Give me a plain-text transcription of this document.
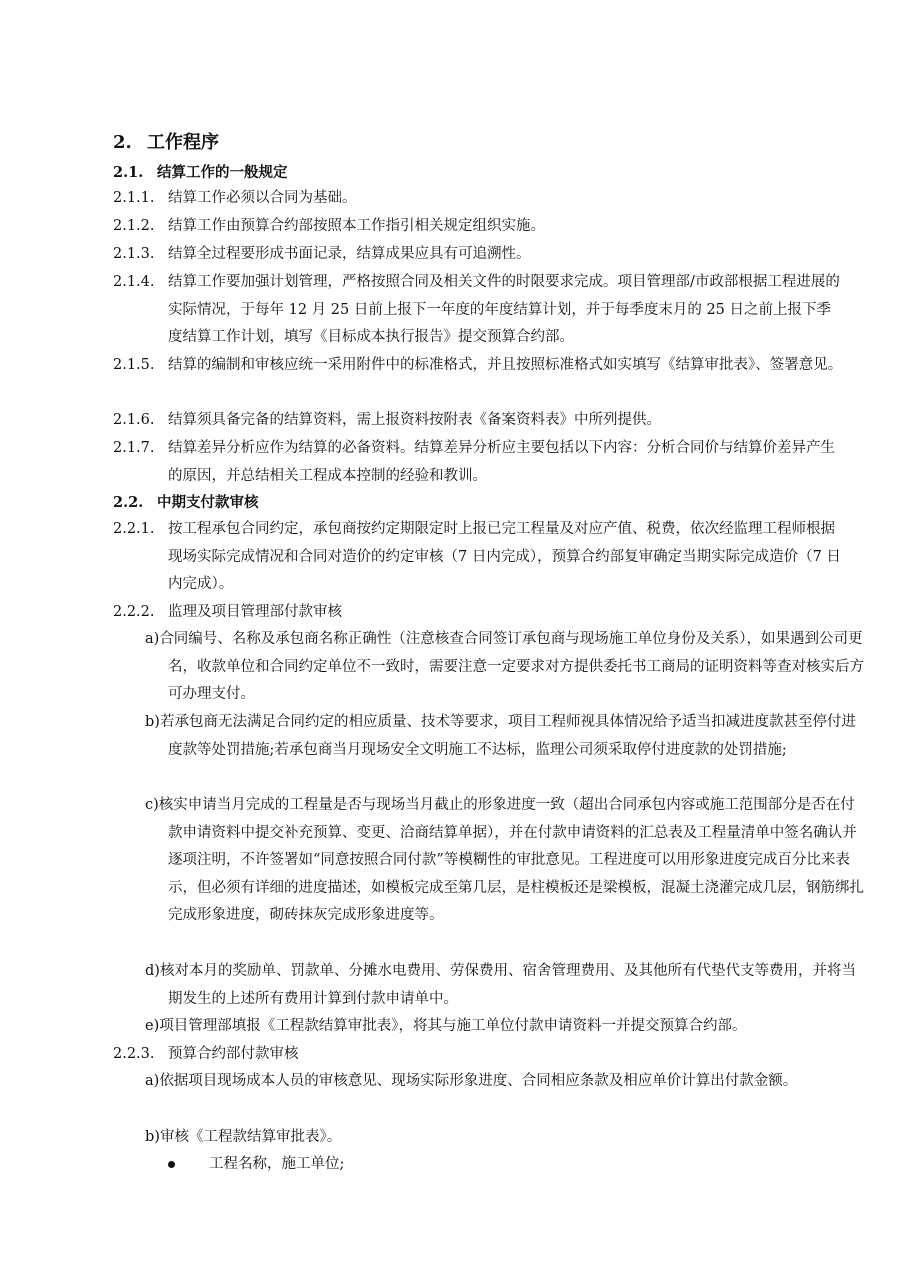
2. 工作程序
2.1. 结算工作的一般规定
2.1.1. 结算工作必须以合同为基础。
2.1.2. 结算工作由预算合约部按照本工作指引相关规定组织实施。
2.1.3. 结算全过程要形成书面记录，结算成果应具有可追溯性。
2.1.4. 结算工作要加强计划管理，严格按照合同及相关文件的时限要求完成。项目管理部/市政部根据工程进展的实际情况，于每年 12 月 25 日前上报下一年度的年度结算计划，并于每季度末月的 25 日之前上报下季度结算工作计划，填写《目标成本执行报告》提交预算合约部。
2.1.5. 结算的编制和审核应统一采用附件中的标准格式，并且按照标准格式如实填写《结算审批表》、签署意见。
2.1.6. 结算须具备完备的结算资料，需上报资料按附表《备案资料表》中所列提供。
2.1.7. 结算差异分析应作为结算的必备资料。结算差异分析应主要包括以下内容：分析合同价与结算价差异产生的原因，并总结相关工程成本控制的经验和教训。
2.2. 中期支付款审核
2.2.1. 按工程承包合同约定，承包商按约定期限定时上报已完工程量及对应产值、税费，依次经监理工程师根据现场实际完成情况和合同对造价的约定审核（7 日内完成），预算合约部复审确定当期实际完成造价（7 日内完成）。
2.2.2. 监理及项目管理部付款审核
a)合同编号、名称及承包商名称正确性（注意核查合同签订承包商与现场施工单位身份及关系），如果遇到公司更名，收款单位和合同约定单位不一致时，需要注意一定要求对方提供委托书工商局的证明资料等查对核实后方可办理支付。
b)若承包商无法满足合同约定的相应质量、技术等要求，项目工程师视具体情况给予适当扣减进度款甚至停付进度款等处罚措施;若承包商当月现场安全文明施工不达标，监理公司须采取停付进度款的处罚措施;
c)核实申请当月完成的工程量是否与现场当月截止的形象进度一致（超出合同承包内容或施工范围部分是否在付款申请资料中提交补充预算、变更、洽商结算单据），并在付款申请资料的汇总表及工程量清单中签名确认并逐项注明，不许签署如“同意按照合同付款”等模糊性的审批意见。工程进度可以用形象进度完成百分比来表示，但必须有详细的进度描述，如模板完成至第几层，是柱模板还是梁模板，混凝土浇灌完成几层，钢筋绑扎完成形象进度，砌砖抹灰完成形象进度等。
d)核对本月的奖励单、罚款单、分摊水电费用、劳保费用、宿舍管理费用、及其他所有代垫代支等费用，并将当期发生的上述所有费用计算到付款申请单中。
e)项目管理部填报《工程款结算审批表》，将其与施工单位付款申请资料一并提交预算合约部。
2.2.3. 预算合约部付款审核
a)依据项目现场成本人员的审核意见、现场实际形象进度、合同相应条款及相应单价计算出付款金额。
b)审核《工程款结算审批表》。
工程名称，施工单位;
